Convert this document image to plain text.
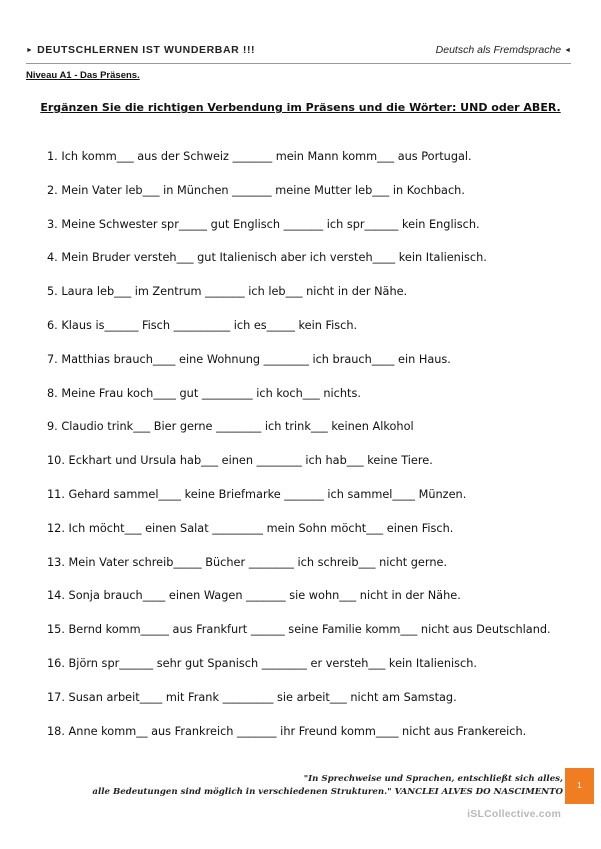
► DEUTSCHLERNEN IST WUNDERBAR !!!	Deutsch als Fremdsprache ◄
Niveau A1 - Das Präsens.
Ergänzen Sie die richtigen Verbendung im Präsens und die Wörter: UND oder ABER.
1. Ich komm___ aus der Schweiz _______ mein Mann komm___ aus Portugal.
2. Mein Vater leb___ in München _______ meine Mutter leb___ in Kochbach.
3. Meine Schwester spr_____ gut Englisch _______ ich spr______ kein Englisch.
4. Mein Bruder versteh___ gut Italienisch aber ich versteh____ kein Italienisch.
5. Laura leb___ im Zentrum _______ ich leb___ nicht in der Nähe.
6. Klaus is______ Fisch __________ ich es_____ kein Fisch.
7. Matthias brauch____ eine Wohnung ________ ich brauch____ ein Haus.
8. Meine Frau koch____ gut _________ ich koch___ nichts.
9. Claudio trink___ Bier gerne ________ ich trink___ keinen Alkohol
10. Eckhart und Ursula hab___ einen ________ ich hab___ keine Tiere.
11. Gehard sammel____ keine Briefmarke _______ ich sammel____ Münzen.
12. Ich möcht___ einen Salat _________ mein Sohn möcht___ einen Fisch.
13. Mein Vater schreib_____ Bücher ________ ich schreib___ nicht gerne.
14. Sonja brauch____ einen Wagen _______ sie wohn___ nicht in der Nähe.
15. Bernd komm_____ aus Frankfurt ______ seine Familie komm___ nicht aus Deutschland.
16. Björn spr______ sehr gut Spanisch ________ er versteh___ kein Italienisch.
17. Susan arbeit____ mit Frank _________ sie arbeit___ nicht am Samstag.
18. Anne komm__ aus Frankreich _______ ihr Freund komm____ nicht aus Frankereich.
"In Sprechweise und Sprachen, entschließt sich alles,
alle Bedeutungen sind möglich in verschiedenen Strukturen." VANCLEI ALVES DO NASCIMENTO
1
iSLCollective.com
